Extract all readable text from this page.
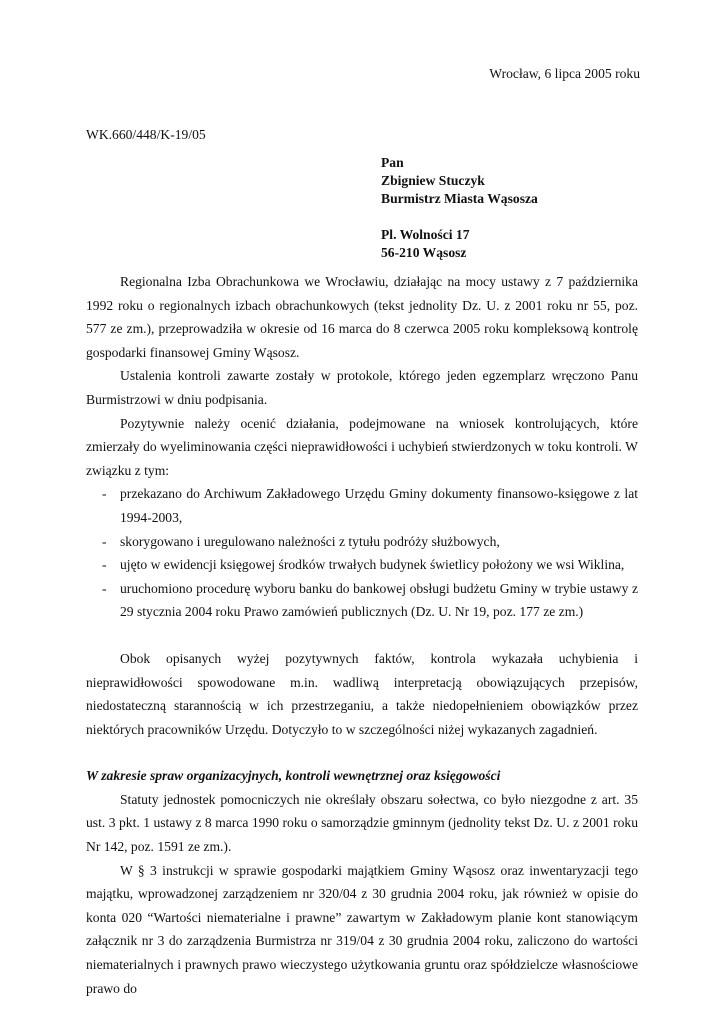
Wrocław, 6 lipca 2005 roku
WK.660/448/K-19/05
Pan
Zbigniew Stuczyk
Burmistrz Miasta Wąsosza
Pl. Wolności 17
56-210 Wąsosz

Regionalna Izba Obrachunkowa we Wrocławiu, działając na mocy ustawy z 7 października 1992 roku o regionalnych izbach obrachunkowych (tekst jednolity Dz. U. z 2001 roku nr 55, poz. 577 ze zm.), przeprowadziła w okresie od 16 marca do 8 czerwca 2005 roku kompleksową kontrolę gospodarki finansowej Gminy Wąsosz.

Ustalenia kontroli zawarte zostały w protokole, którego jeden egzemplarz wręczono Panu Burmistrzowi w dniu podpisania.

Pozytywnie należy ocenić działania, podejmowane na wniosek kontrolujących, które zmierzały do wyeliminowania części nieprawidłowości i uchybień stwierdzonych w toku kontroli. W związku z tym:

- przekazano do Archiwum Zakładowego Urzędu Gminy dokumenty finansowo-księgowe z lat 1994-2003,
- skorygowano i uregulowano należności z tytułu podróży służbowych,
- ujęto w ewidencji księgowej środków trwałych budynek świetlicy położony we wsi Wiklina,
- uruchomiono procedurę wyboru banku do bankowej obsługi budżetu Gminy w trybie ustawy z 29 stycznia 2004 roku Prawo zamówień publicznych (Dz. U. Nr 19, poz. 177 ze zm.)

Obok opisanych wyżej pozytywnych faktów, kontrola wykazała uchybienia i nieprawidłowości spowodowane m.in. wadliwą interpretacją obowiązujących przepisów, niedostateczną starannością w ich przestrzeganiu, a także niedopełnieniem obowiązków przez niektórych pracowników Urzędu. Dotyczyło to w szczególności niżej wykazanych zagadnień.

W zakresie spraw organizacyjnych, kontroli wewnętrznej oraz księgowości

Statuty jednostek pomocniczych nie określały obszaru sołectwa, co było niezgodne z art. 35 ust. 3 pkt. 1 ustawy z 8 marca 1990 roku o samorządzie gminnym (jednolity tekst Dz. U. z 2001 roku Nr 142, poz. 1591 ze zm.).

W § 3 instrukcji w sprawie gospodarki majątkiem Gminy Wąsosz oraz inwentaryzacji tego majątku, wprowadzonej zarządzeniem nr 320/04 z 30 grudnia 2004 roku, jak również w opisie do konta 020 “Wartości niematerialne i prawne” zawartym w Zakładowym planie kont stanowiącym załącznik nr 3 do zarządzenia Burmistrza nr 319/04 z 30 grudnia 2004 roku, zaliczono do wartości niematerialnych i prawnych prawo wieczystego użytkowania gruntu oraz spółdzielcze własnościowe prawo do
